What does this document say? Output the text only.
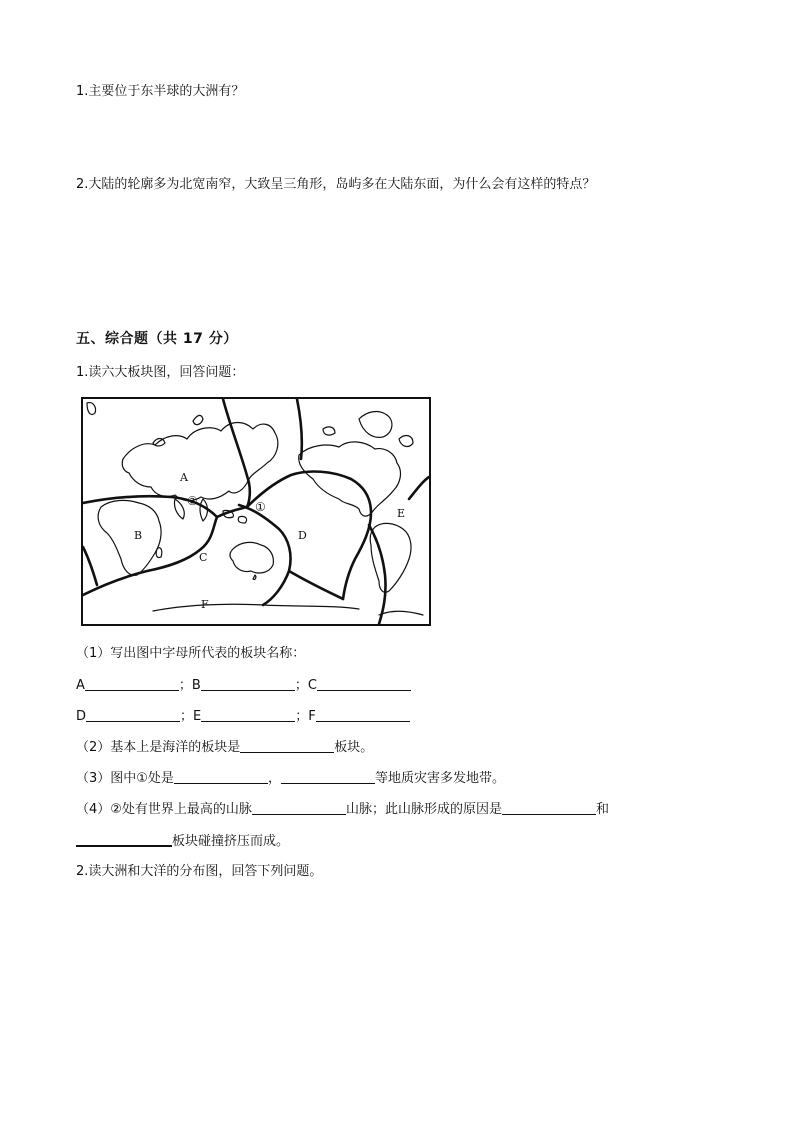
1.主要位于东半球的大洲有？
2.大陆的轮廓多为北宽南窄，大致呈三角形，岛屿多在大陆东面，为什么会有这样的特点？
五、综合题（共 17 分）
1.读六大板块图，回答问题：
A
B
C
D
E
F
①
②
（1）写出图中字母所代表的板块名称：
A	；B	；C
D	；E	；F
（2）基本上是海洋的板块是	板块。
（3）图中①处是	，	等地质灾害多发地带。
（4）②处有世界上最高的山脉	山脉；此山脉形成的原因是	和
板块碰撞挤压而成。
2.读大洲和大洋的分布图，回答下列问题。
